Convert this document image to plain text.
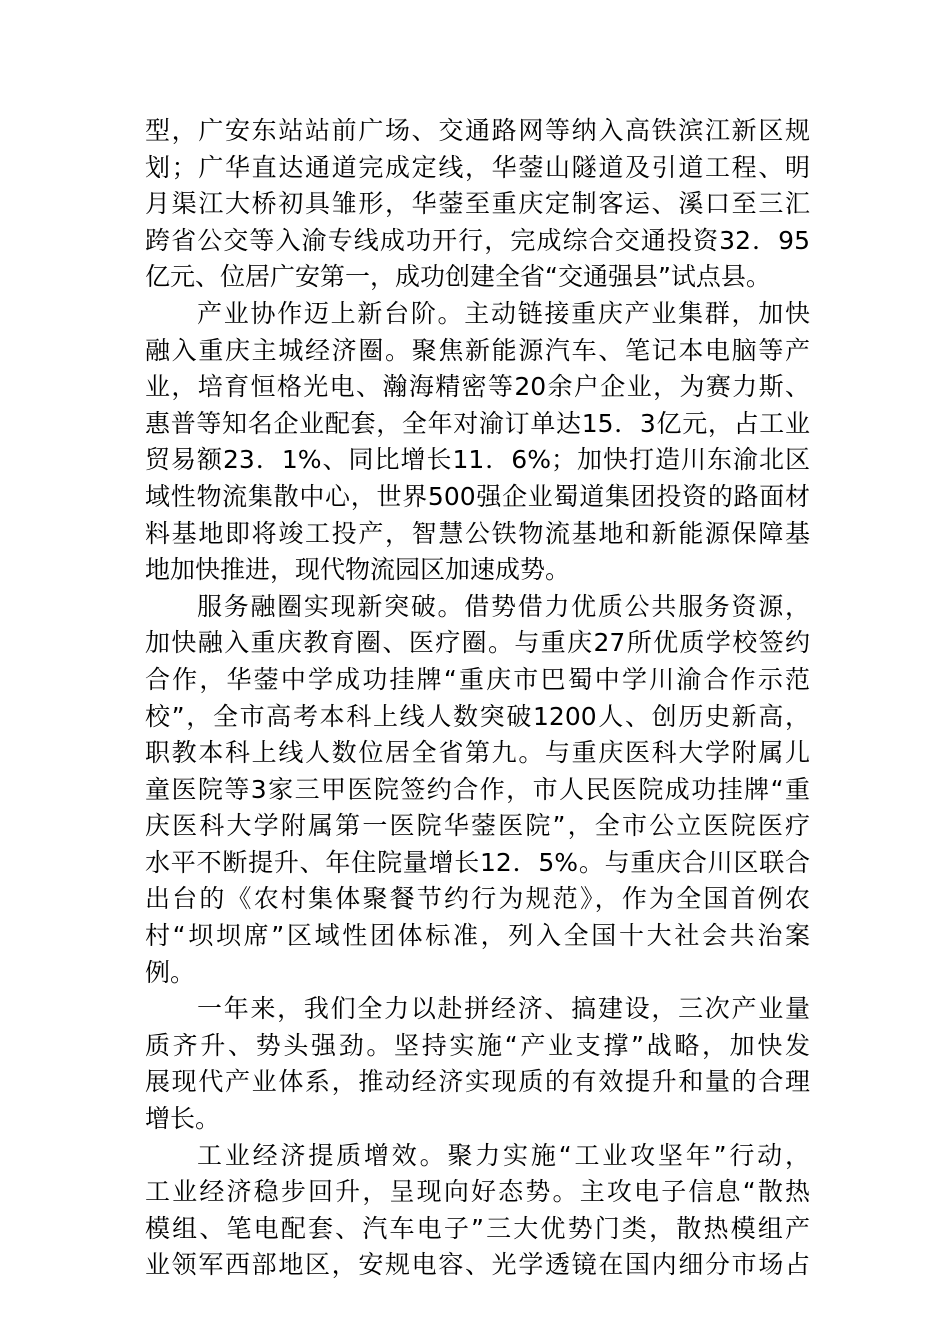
型，广安东站站前广场、交通路网等纳入高铁滨江新区规
划；广华直达通道完成定线，华蓥山隧道及引道工程、明
月渠江大桥初具雏形，华蓥至重庆定制客运、溪口至三汇
跨省公交等入渝专线成功开行，完成综合交通投资32．95
亿元、位居广安第一，成功创建全省“交通强县”试点县。
产业协作迈上新台阶。主动链接重庆产业集群，加快
融入重庆主城经济圈。聚焦新能源汽车、笔记本电脑等产
业，培育恒格光电、瀚海精密等20余户企业，为赛力斯、
惠普等知名企业配套，全年对渝订单达15．3亿元，占工业
贸易额23．1%、同比增长11．6%；加快打造川东渝北区
域性物流集散中心，世界500强企业蜀道集团投资的路面材
料基地即将竣工投产，智慧公铁物流基地和新能源保障基
地加快推进，现代物流园区加速成势。
服务融圈实现新突破。借势借力优质公共服务资源，
加快融入重庆教育圈、医疗圈。与重庆27所优质学校签约
合作，华蓥中学成功挂牌“重庆市巴蜀中学川渝合作示范
校”，全市高考本科上线人数突破1200人、创历史新高，
职教本科上线人数位居全省第九。与重庆医科大学附属儿
童医院等3家三甲医院签约合作，市人民医院成功挂牌“重
庆医科大学附属第一医院华蓥医院”，全市公立医院医疗
水平不断提升、年住院量增长12．5%。与重庆合川区联合
出台的《农村集体聚餐节约行为规范》，作为全国首例农
村“坝坝席”区域性团体标准，列入全国十大社会共治案
例。
一年来，我们全力以赴拼经济、搞建设，三次产业量
质齐升、势头强劲。坚持实施“产业支撑”战略，加快发
展现代产业体系，推动经济实现质的有效提升和量的合理
增长。
工业经济提质增效。聚力实施“工业攻坚年”行动，
工业经济稳步回升，呈现向好态势。主攻电子信息“散热
模组、笔电配套、汽车电子”三大优势门类，散热模组产
业领军西部地区，安规电容、光学透镜在国内细分市场占
